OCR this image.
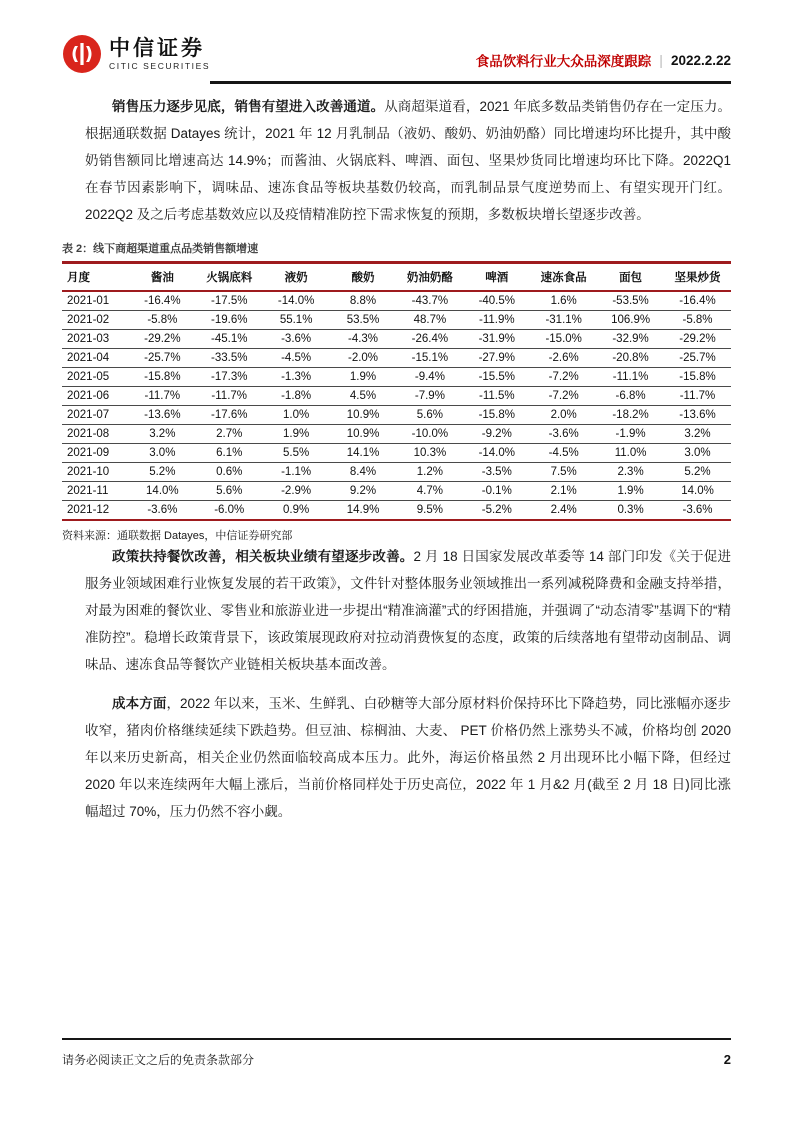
中信证券
CITIC SECURITIES	食品饮料行业大众品深度跟踪 | 2022.2.22

销售压力逐步见底，销售有望进入改善通道。从商超渠道看，2021 年底多数品类销售仍存在一定压力。根据通联数据 Datayes 统计，2021 年 12 月乳制品（液奶、酸奶、奶油奶酪）同比增速均环比提升，其中酸奶销售额同比增速高达 14.9%；而酱油、火锅底料、啤酒、面包、坚果炒货同比增速均环比下降。2022Q1 在春节因素影响下，调味品、速冻食品等板块基数仍较高，而乳制品景气度逆势而上、有望实现开门红。2022Q2 及之后考虑基数效应以及疫情精准防控下需求恢复的预期，多数板块增长望逐步改善。

表 2：线下商超渠道重点品类销售额增速
月度	酱油	火锅底料	液奶	酸奶	奶油奶酪	啤酒	速冻食品	面包	坚果炒货
2021-01	-16.4%	-17.5%	-14.0%	8.8%	-43.7%	-40.5%	1.6%	-53.5%	-16.4%
2021-02	-5.8%	-19.6%	55.1%	53.5%	48.7%	-11.9%	-31.1%	106.9%	-5.8%
2021-03	-29.2%	-45.1%	-3.6%	-4.3%	-26.4%	-31.9%	-15.0%	-32.9%	-29.2%
2021-04	-25.7%	-33.5%	-4.5%	-2.0%	-15.1%	-27.9%	-2.6%	-20.8%	-25.7%
2021-05	-15.8%	-17.3%	-1.3%	1.9%	-9.4%	-15.5%	-7.2%	-11.1%	-15.8%
2021-06	-11.7%	-11.7%	-1.8%	4.5%	-7.9%	-11.5%	-7.2%	-6.8%	-11.7%
2021-07	-13.6%	-17.6%	1.0%	10.9%	5.6%	-15.8%	2.0%	-18.2%	-13.6%
2021-08	3.2%	2.7%	1.9%	10.9%	-10.0%	-9.2%	-3.6%	-1.9%	3.2%
2021-09	3.0%	6.1%	5.5%	14.1%	10.3%	-14.0%	-4.5%	11.0%	3.0%
2021-10	5.2%	0.6%	-1.1%	8.4%	1.2%	-3.5%	7.5%	2.3%	5.2%
2021-11	14.0%	5.6%	-2.9%	9.2%	4.7%	-0.1%	2.1%	1.9%	14.0%
2021-12	-3.6%	-6.0%	0.9%	14.9%	9.5%	-5.2%	2.4%	0.3%	-3.6%

资料来源：通联数据 Datayes，中信证券研究部

政策扶持餐饮改善，相关板块业绩有望逐步改善。2 月 18 日国家发展改革委等 14 部门印发《关于促进服务业领域困难行业恢复发展的若干政策》，文件针对整体服务业领域推出一系列减税降费和金融支持举措，对最为困难的餐饮业、零售业和旅游业进一步提出“精准滴灌”式的纾困措施，并强调了“动态清零”基调下的“精准防控”。稳增长政策背景下，该政策展现政府对拉动消费恢复的态度，政策的后续落地有望带动卤制品、调味品、速冻食品等餐饮产业链相关板块基本面改善。

成本方面，2022 年以来，玉米、生鲜乳、白砂糖等大部分原材料价保持环比下降趋势，同比涨幅亦逐步收窄，猪肉价格继续延续下跌趋势。但豆油、棕榈油、大麦、 PET 价格仍然上涨势头不减，价格均创 2020 年以来历史新高，相关企业仍然面临较高成本压力。此外，海运价格虽然 2 月出现环比小幅下降，但经过 2020 年以来连续两年大幅上涨后，当前价格同样处于历史高位，2022 年 1 月&2 月(截至 2 月 18 日)同比涨幅超过 70%，压力仍然不容小觑。

请务必阅读正文之后的免责条款部分	2
